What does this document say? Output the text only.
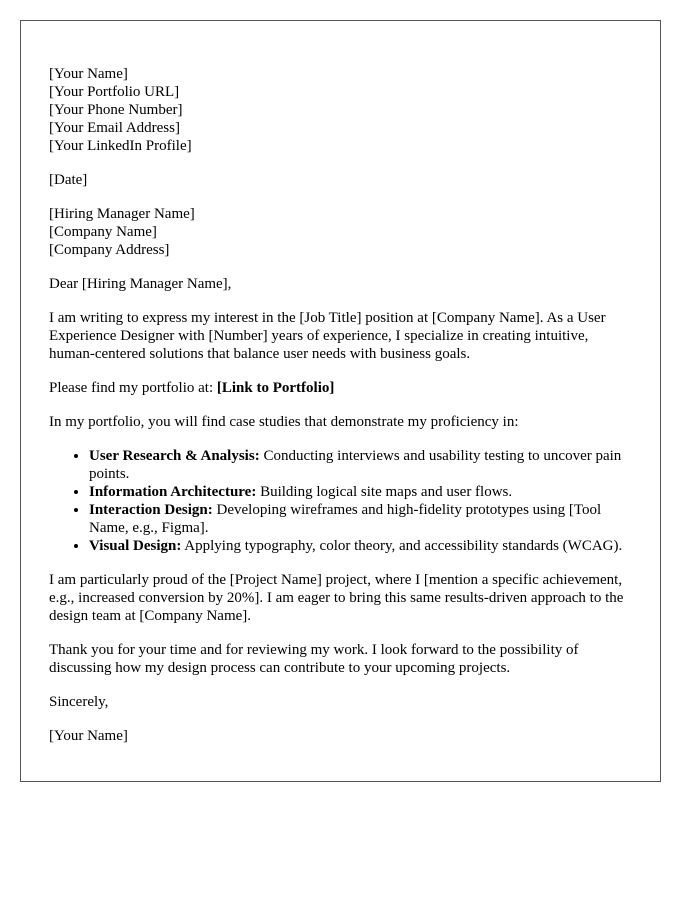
[Your Name]
[Your Portfolio URL]
[Your Phone Number]
[Your Email Address]
[Your LinkedIn Profile]

[Date]

[Hiring Manager Name]
[Company Name]
[Company Address]

Dear [Hiring Manager Name],

I am writing to express my interest in the [Job Title] position at [Company Name]. As a User Experience Designer with [Number] years of experience, I specialize in creating intuitive, human-centered solutions that balance user needs with business goals.

Please find my portfolio at: [Link to Portfolio]

In my portfolio, you will find case studies that demonstrate my proficiency in:

• User Research & Analysis: Conducting interviews and usability testing to uncover pain points.
• Information Architecture: Building logical site maps and user flows.
• Interaction Design: Developing wireframes and high-fidelity prototypes using [Tool Name, e.g., Figma].
• Visual Design: Applying typography, color theory, and accessibility standards (WCAG).

I am particularly proud of the [Project Name] project, where I [mention a specific achievement, e.g., increased conversion by 20%]. I am eager to bring this same results-driven approach to the design team at [Company Name].

Thank you for your time and for reviewing my work. I look forward to the possibility of discussing how my design process can contribute to your upcoming projects.

Sincerely,

[Your Name]
